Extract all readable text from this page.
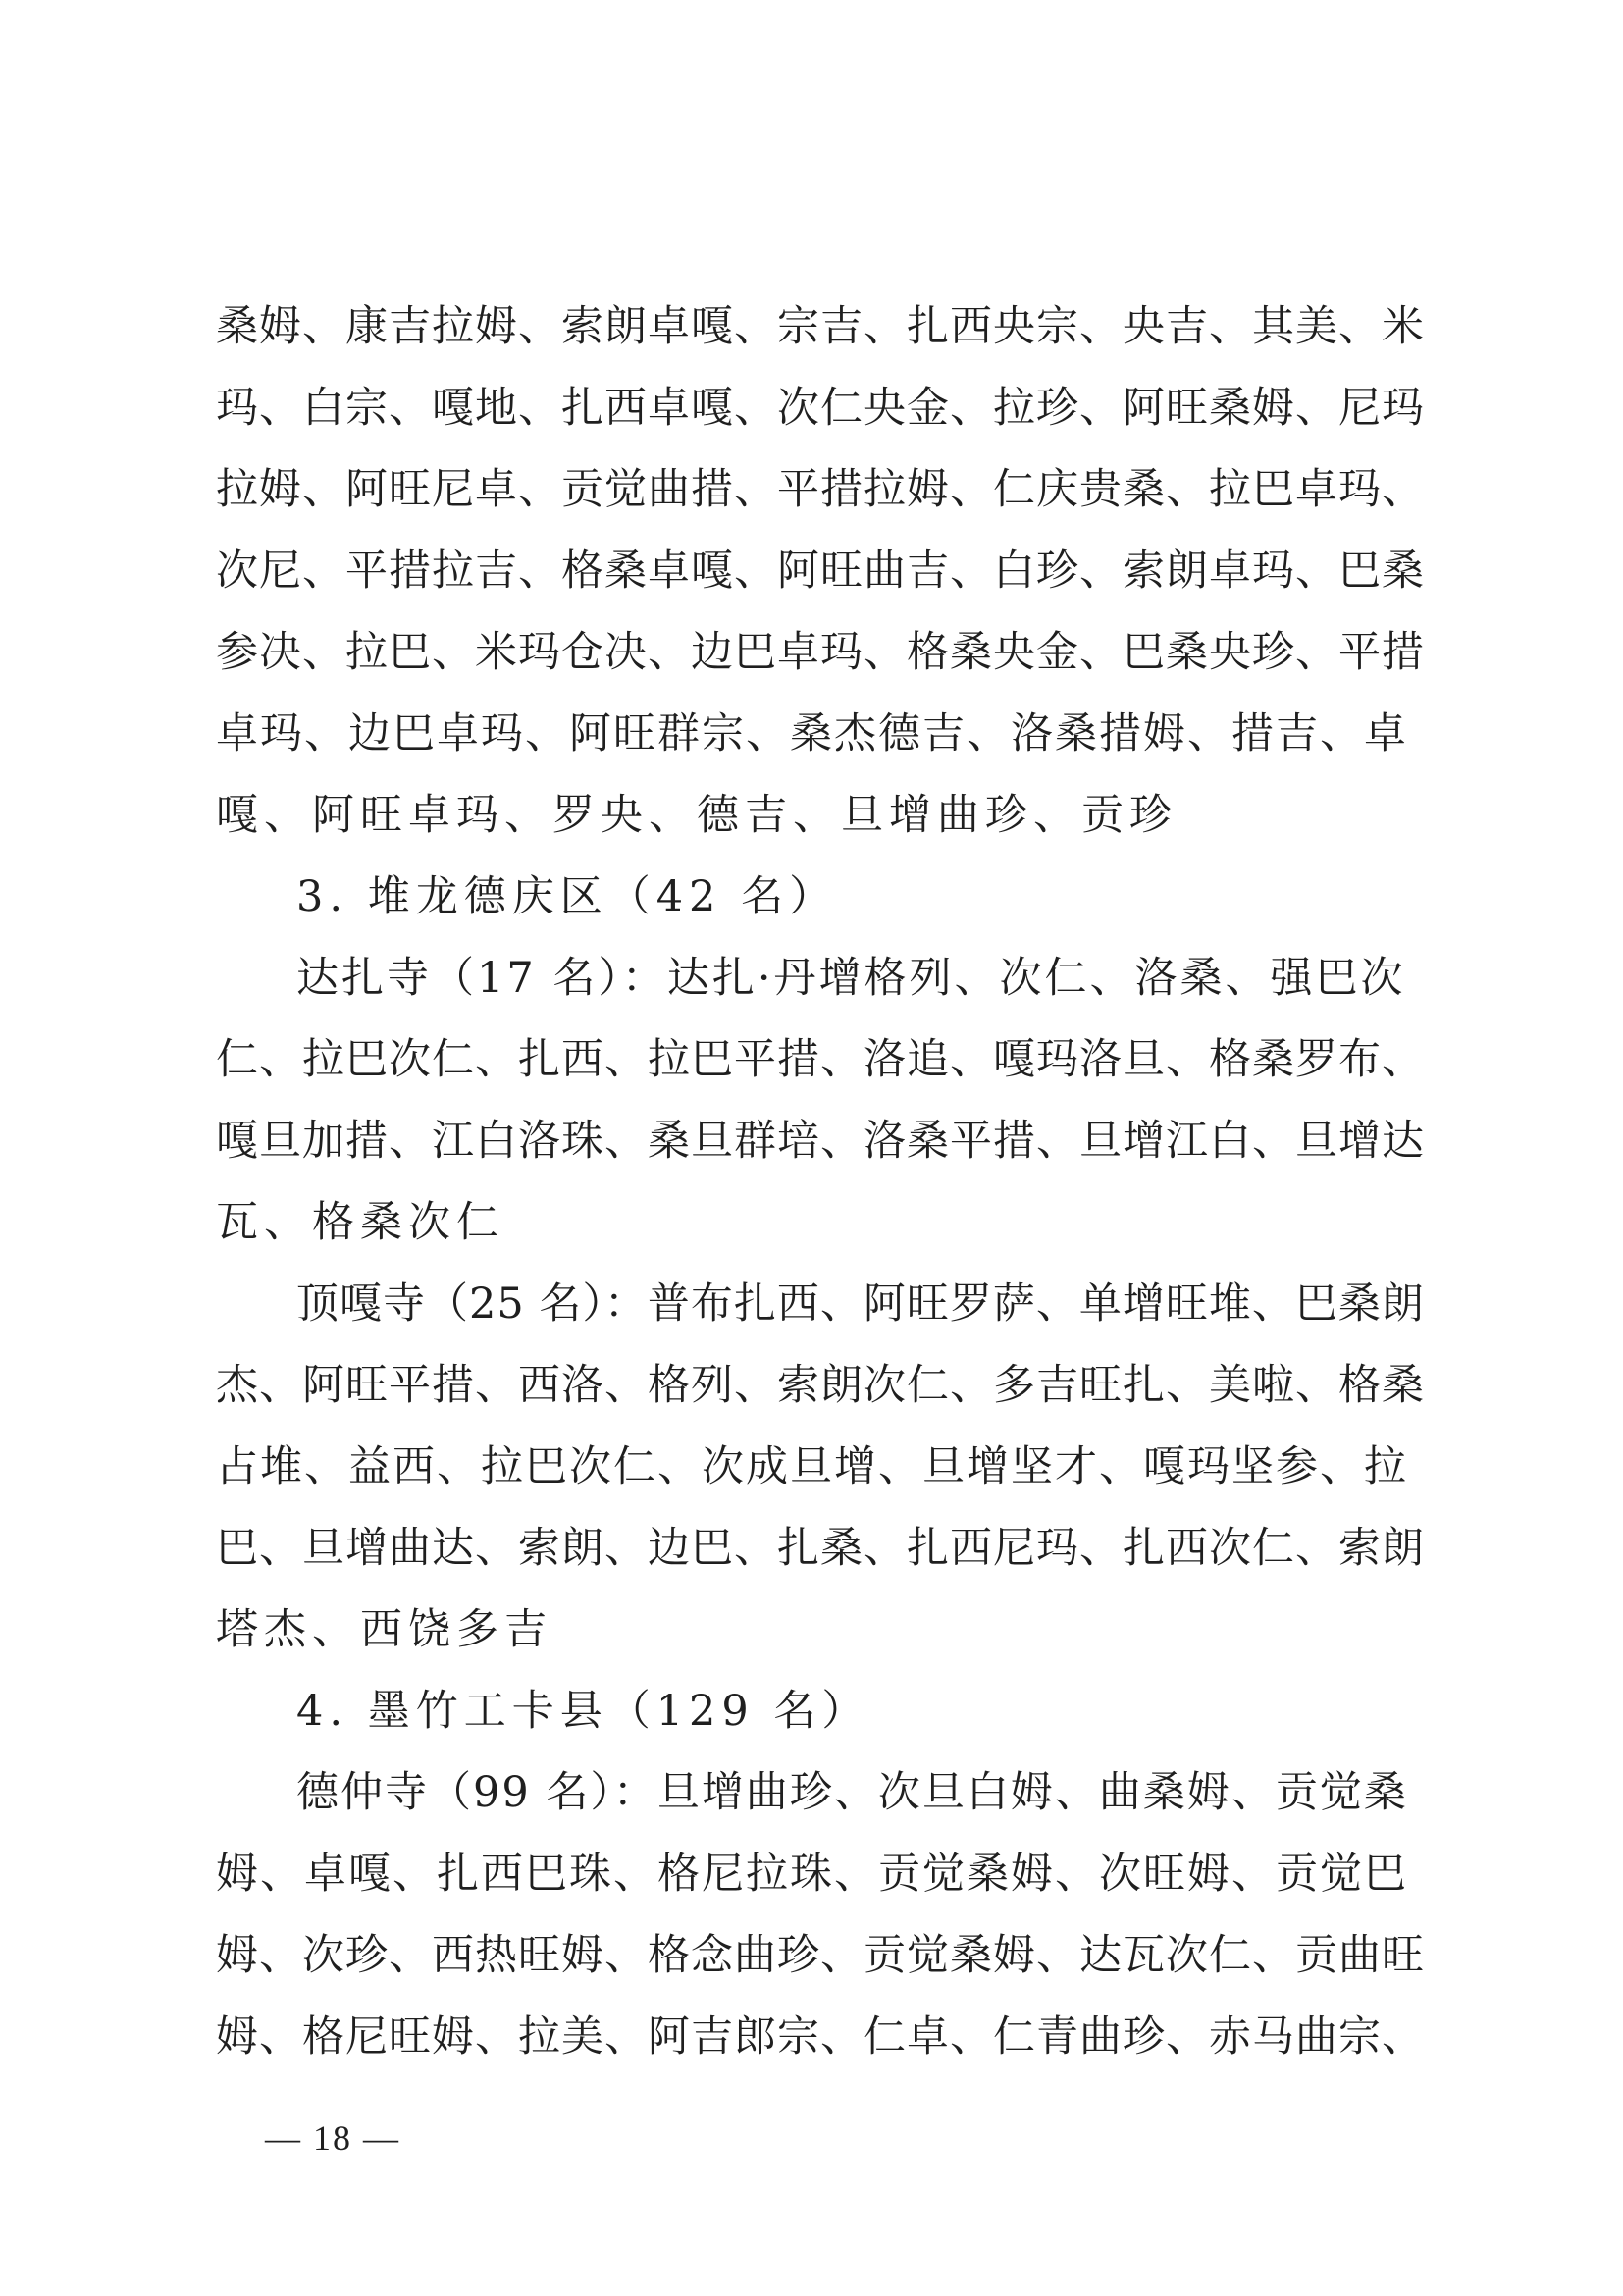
桑姆、康吉拉姆、索朗卓嘎、宗吉、扎西央宗、央吉、其美、米
玛、白宗、嘎地、扎西卓嘎、次仁央金、拉珍、阿旺桑姆、尼玛
拉姆、阿旺尼卓、贡觉曲措、平措拉姆、仁庆贵桑、拉巴卓玛、
次尼、平措拉吉、格桑卓嘎、阿旺曲吉、白珍、索朗卓玛、巴桑
参决、拉巴、米玛仓决、边巴卓玛、格桑央金、巴桑央珍、平措
卓玛、边巴卓玛、阿旺群宗、桑杰德吉、洛桑措姆、措吉、卓
嘎、阿旺卓玛、罗央、德吉、旦增曲珍、贡珍
3. 堆龙德庆区（42 名）
达扎寺（17 名）：达扎·丹增格列、次仁、洛桑、强巴次
仁、拉巴次仁、扎西、拉巴平措、洛追、嘎玛洛旦、格桑罗布、
嘎旦加措、江白洛珠、桑旦群培、洛桑平措、旦增江白、旦增达
瓦、格桑次仁
顶嘎寺（25 名）：普布扎西、阿旺罗萨、单增旺堆、巴桑朗
杰、阿旺平措、西洛、格列、索朗次仁、多吉旺扎、美啦、格桑
占堆、益西、拉巴次仁、次成旦增、旦增坚才、嘎玛坚参、拉
巴、旦增曲达、索朗、边巴、扎桑、扎西尼玛、扎西次仁、索朗
塔杰、西饶多吉
4. 墨竹工卡县（129 名）
德仲寺（99 名）：旦增曲珍、次旦白姆、曲桑姆、贡觉桑
姆、卓嘎、扎西巴珠、格尼拉珠、贡觉桑姆、次旺姆、贡觉巴
姆、次珍、西热旺姆、格念曲珍、贡觉桑姆、达瓦次仁、贡曲旺
姆、格尼旺姆、拉美、阿吉郎宗、仁卓、仁青曲珍、赤马曲宗、
— 18 —
